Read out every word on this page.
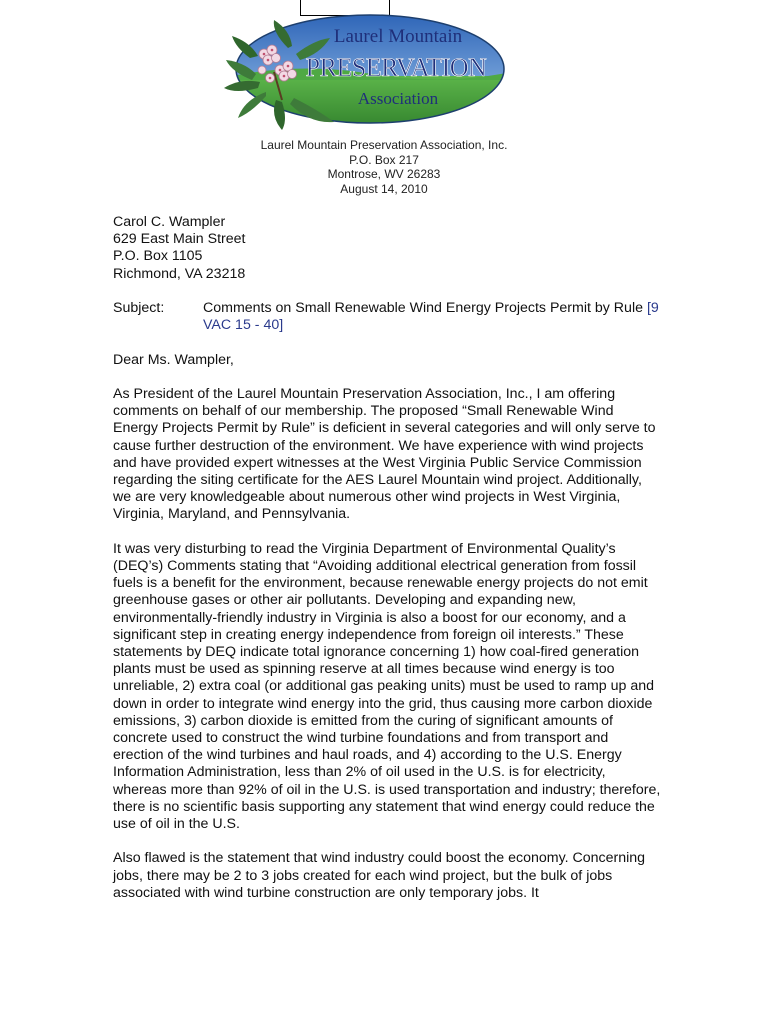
Laurel Mountain
PRESERVATION
Association
Laurel Mountain Preservation Association, Inc.
P.O. Box 217
Montrose, WV 26283
August 14, 2010
Carol C. Wampler
629 East Main Street
P.O. Box 1105
Richmond, VA 23218
Subject:	Comments on Small Renewable Wind Energy Projects Permit by Rule [9 VAC 15 - 40]
Dear Ms. Wampler,

As President of the Laurel Mountain Preservation Association, Inc., I am offering comments on behalf of our membership. The proposed “Small Renewable Wind Energy Projects Permit by Rule” is deficient in several categories and will only serve to cause further destruction of the environment. We have experience with wind projects and have provided expert witnesses at the West Virginia Public Service Commission regarding the siting certificate for the AES Laurel Mountain wind project. Additionally, we are very knowledgeable about numerous other wind projects in West Virginia, Virginia, Maryland, and Pennsylvania.

It was very disturbing to read the Virginia Department of Environmental Quality’s (DEQ’s) Comments stating that “Avoiding additional electrical generation from fossil fuels is a benefit for the environment, because renewable energy projects do not emit greenhouse gases or other air pollutants. Developing and expanding new, environmentally-friendly industry in Virginia is also a boost for our economy, and a significant step in creating energy independence from foreign oil interests.” These statements by DEQ indicate total ignorance concerning 1) how coal-fired generation plants must be used as spinning reserve at all times because wind energy is too unreliable, 2) extra coal (or additional gas peaking units) must be used to ramp up and down in order to integrate wind energy into the grid, thus causing more carbon dioxide emissions, 3) carbon dioxide is emitted from the curing of significant amounts of concrete used to construct the wind turbine foundations and from transport and erection of the wind turbines and haul roads, and 4) according to the U.S. Energy Information Administration, less than 2% of oil used in the U.S. is for electricity, whereas more than 92% of oil in the U.S. is used transportation and industry; therefore, there is no scientific basis supporting any statement that wind energy could reduce the use of oil in the U.S.

Also flawed is the statement that wind industry could boost the economy. Concerning jobs, there may be 2 to 3 jobs created for each wind project, but the bulk of jobs associated with wind turbine construction are only temporary jobs. It
